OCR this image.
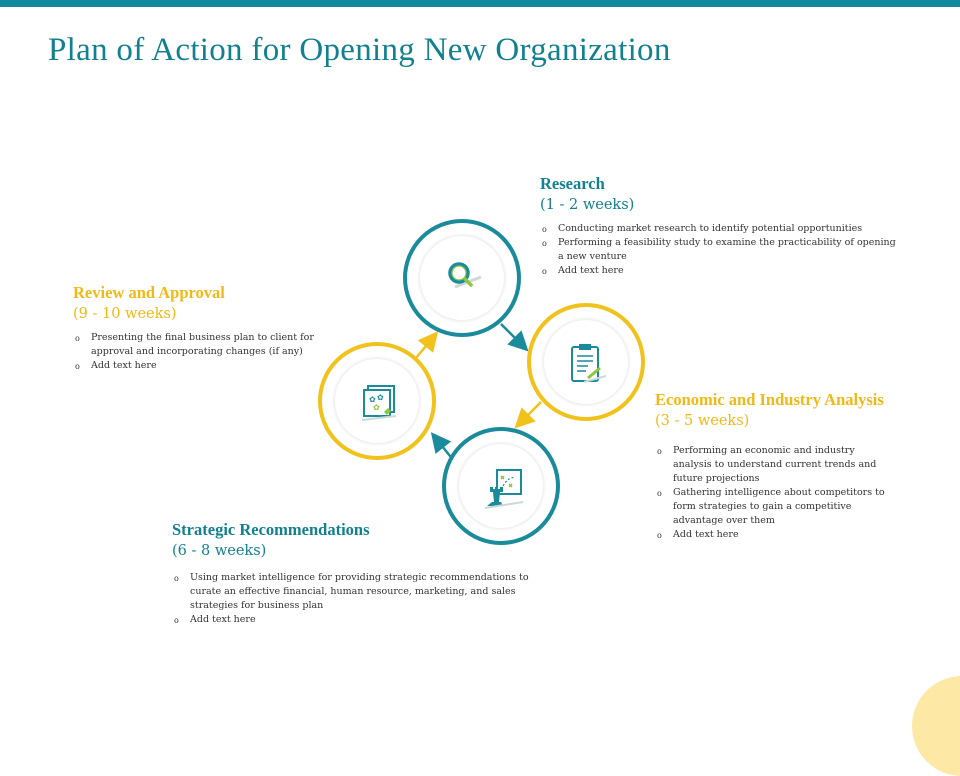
Plan of Action for Opening New Organization
✿ ✿
✿
Research
(1 - 2 weeks)
o Conducting market research to identify potential opportunities
o Performing a feasibility study to examine the practicability of opening a new venture
o Add text here
Economic and Industry Analysis
(3 - 5 weeks)
o Performing an economic and industry analysis to understand current trends and future projections
o Gathering intelligence about competitors to form strategies to gain a competitive advantage over them
o Add text here
Strategic Recommendations
(6 - 8 weeks)
o Using market intelligence for providing strategic recommendations to curate an effective financial, human resource, marketing, and sales strategies for business plan
o Add text here
Review and Approval
(9 - 10 weeks)
o Presenting the final business plan to client for approval and incorporating changes (if any)
o Add text here
